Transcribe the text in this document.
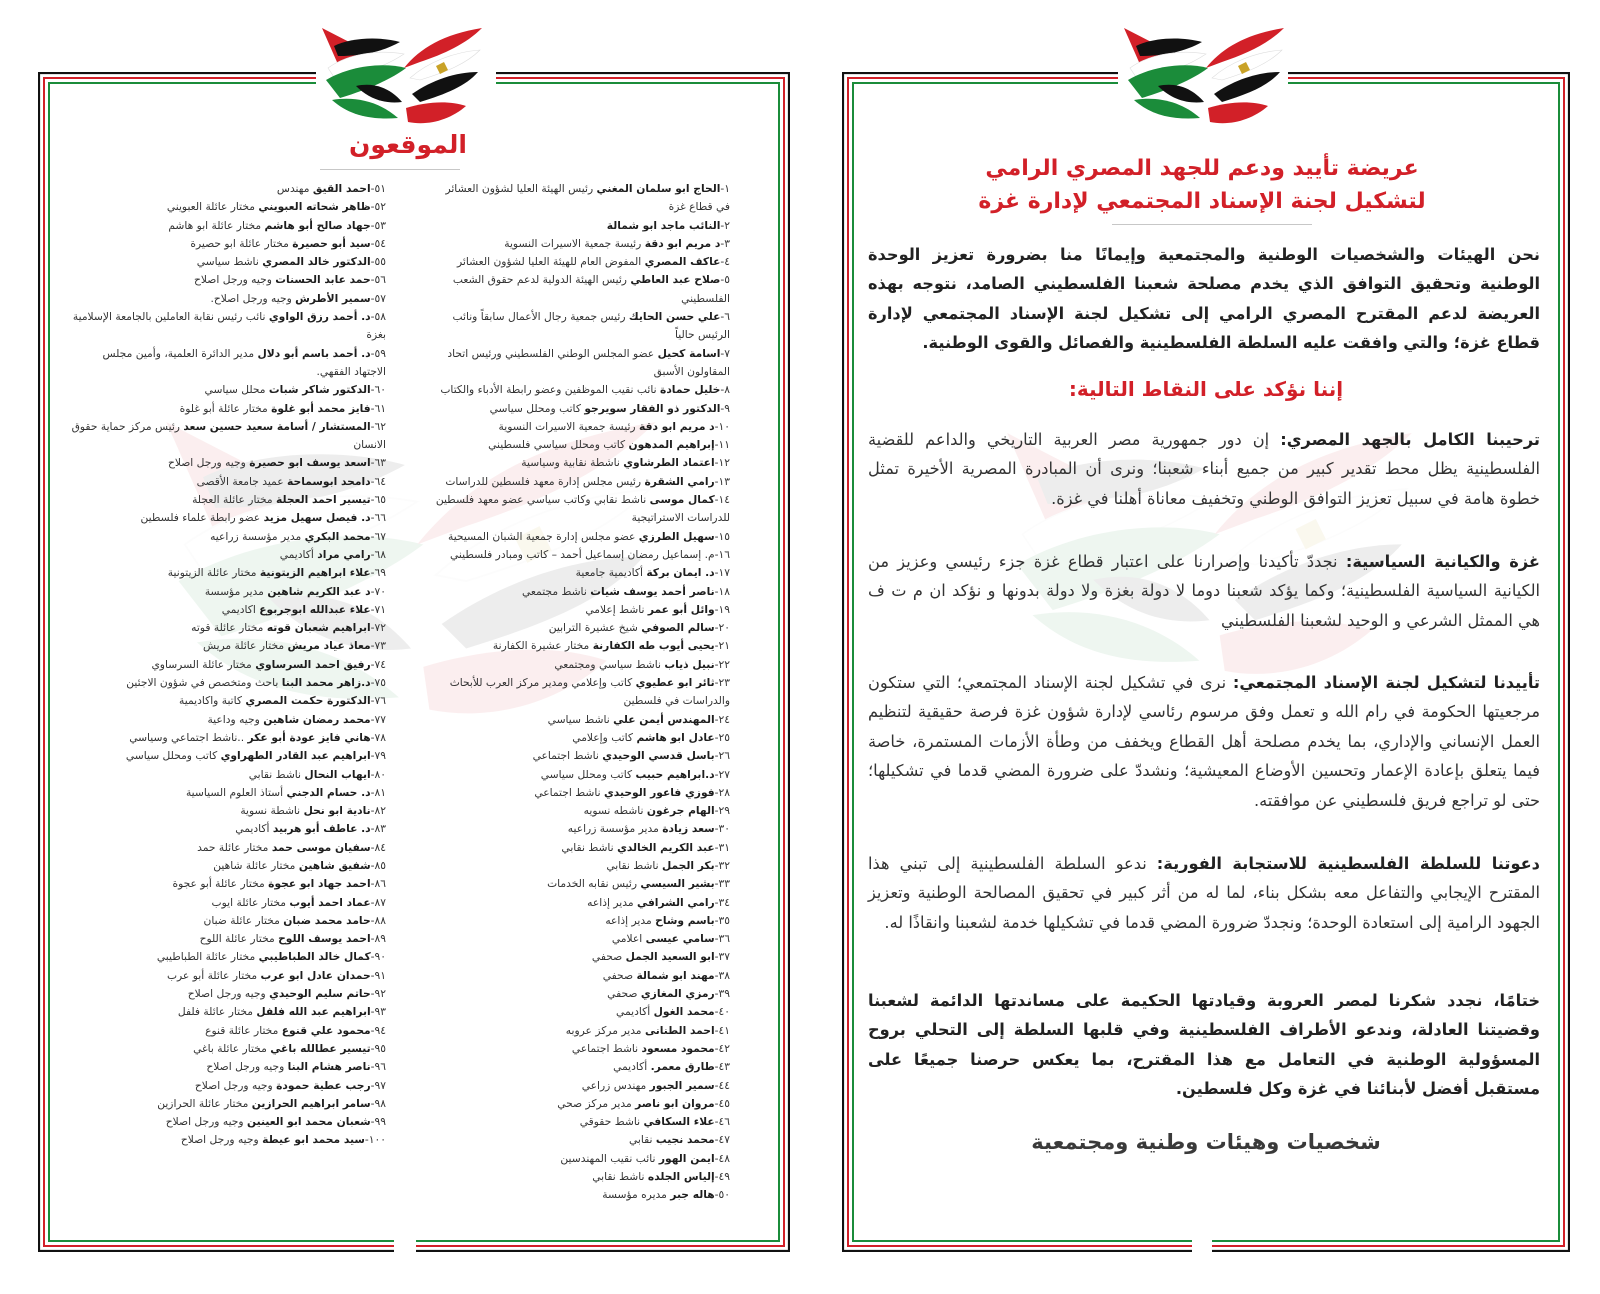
عريضة تأييد ودعم للجهد المصري الرامي
لتشكيل لجنة الإسناد المجتمعي لإدارة غزة

نحن الهيئات والشخصيات الوطنية والمجتمعية وإيمانًا منا بضرورة تعزيز الوحدة الوطنية وتحقيق التوافق الذي يخدم مصلحة شعبنا الفلسطيني الصامد، نتوجه بهذه العريضة لدعم المقترح المصري الرامي إلى تشكيل لجنة الإسناد المجتمعي لإدارة قطاع غزة؛ والتي وافقت عليه السلطة الفلسطينية والفصائل والقوى الوطنية.

إننا نؤكد على النقاط التالية:

ترحيبنا الكامل بالجهد المصري: إن دور جمهورية مصر العربية التاريخي والداعم للقضية الفلسطينية يظل محط تقدير كبير من جميع أبناء شعبنا؛ ونرى أن المبادرة المصرية الأخيرة تمثل خطوة هامة في سبيل تعزيز التوافق الوطني وتخفيف معاناة أهلنا في غزة.

غزة والكيانية السياسية: نجددّ تأكيدنا وإصرارنا على اعتبار قطاع غزة جزء رئيسي وعزيز من الكيانية السياسية الفلسطينية؛ وكما يؤكد شعبنا دوما لا دولة بغزة ولا دولة بدونها و نؤكد ان م ت ف هي الممثل الشرعي و الوحيد لشعبنا الفلسطيني

تأييدنا لتشكيل لجنة الإسناد المجتمعي: نرى في تشكيل لجنة الإسناد المجتمعي؛ التي ستكون مرجعيتها الحكومة في رام الله و تعمل وفق مرسوم رئاسي لإدارة شؤون غزة فرصة حقيقية لتنظيم العمل الإنساني والإداري، بما يخدم مصلحة أهل القطاع ويخفف من وطأة الأزمات المستمرة، خاصة فيما يتعلق بإعادة الإعمار وتحسين الأوضاع المعيشية؛ ونشددّ على ضرورة المضي قدما في تشكيلها؛ حتى لو تراجع فريق فلسطيني عن موافقته.

دعوتنا للسلطة الفلسطينية للاستجابة الفورية: ندعو السلطة الفلسطينية إلى تبني هذا المقترح الإيجابي والتفاعل معه بشكل بناء، لما له من أثر كبير في تحقيق المصالحة الوطنية وتعزيز الجهود الرامية إلى استعادة الوحدة؛ ونجددّ ضرورة المضي قدما في تشكيلها خدمة لشعبنا وانقاذًا له.

ختامًا، نجدد شكرنا لمصر العروبة وقيادتها الحكيمة على مساندتها الدائمة لشعبنا وقضيتنا العادلة، وندعو الأطراف الفلسطينية وفي قلبها السلطة إلى التحلي بروح المسؤولية الوطنية في التعامل مع هذا المقترح، بما يعكس حرصنا جميعًا على مستقبل أفضل لأبنائنا في غزة وكل فلسطين.

شخصيات وهيئات وطنية ومجتمعية
الموقعون
١-الحاج ابو سلمان المغني رئيس الهيئة العليا لشؤون العشائر في قطاع غزة
٢-النائب ماجد ابو شمالة
٣-د مريم ابو دقة رئيسة جمعية الاسيرات النسوية
٤-عاكف المصري المفوض العام للهيئة العليا لشؤون العشائر
٥-صلاح عبد العاطي رئيس الهيئة الدولية لدعم حقوق الشعب الفلسطيني
٦-علي حسن الحايك رئيس جمعية رجال الأعمال سابقاً ونائب الرئيس حالياً
٧-اسامة كحيل عضو المجلس الوطني الفلسطيني ورئيس اتحاد المقاولون الأسبق
٨-خليل حمادة نائب نقيب الموظفين وعضو رابطة الأدباء والكتاب
٩-الدكتور ذو الفقار سويرجو كاتب ومحلل سياسي
١٠-د مريم ابو دقة رئيسة جمعية الاسيرات النسوية
١١-إبراهيم المدهون كاتب ومحلل سياسي فلسطيني
١٢-اعتماد الطرشاوي ناشطة نقابية وسياسية
١٣-رامي الشقرة رئيس مجلس إدارة معهد فلسطين للدراسات
١٤-كمال موسى ناشط نقابي وكاتب سياسي عضو معهد فلسطين للدراسات الاستراتيجية
١٥-سهيل الطرزي عضو مجلس إدارة جمعية الشبان المسيحية ١٦-م. إسماعيل رمضان إسماعيل أحمد – كاتب ومبادر فلسطيني
١٧-د. ايمان بركة أكاديمية جامعية
١٨-ناصر أحمد يوسف شيات ناشط مجتمعي
١٩-وائل أبو عمر ناشط إعلامي
٢٠-سالم الصوفي شيخ عشيرة الترابين
٢١-يحيى أيوب طه الكفارنة مختار عشيرة الكفارنة
٢٢-نبيل ذياب ناشط سياسي ومجتمعي
٢٣-ثائر ابو عطيوي كاتب وإعلامي ومدير مركز العرب للأبحاث والدراسات في فلسطين
٢٤-المهندس أيمن علي ناشط سياسي
٢٥-عادل ابو هاشم كاتب وإعلامي
٢٦-باسل قدسي الوحيدي ناشط اجتماعي
٢٧-د.ابراهيم حبيب كاتب ومحلل سياسي
٢٨-فوزي فاعور الوحيدي ناشط اجتماعي
٢٩-الهام جرغون ناشطه نسويه
٣٠-سعد زيادة مدير مؤسسة زراعيه
٣١-عبد الكريم الخالدي ناشط نقابي
٣٢-بكر الجمل ناشط نقابي
٣٣-بشير السيسي رئيس نقابه الخدمات
٣٤-رامي الشرافي مدير إذاعه
٣٥-باسم وشاح مدير إذاعه
٣٦-سامي عيسى اعلامي
٣٧-ابو السعيد الجمل صحفي
٣٨-مهند ابو شمالة صحفي
٣٩-رمزي المغازي صحفي
٤٠-محمد الغول أكاديمي
٤١-احمد الطنانى مدير مركز عروبه
٤٢-محمود مسعود ناشط اجتماعي
٤٣-طارق معمر. أكاديمي
٤٤-سمير الجبور مهندس زراعي
٤٥-مروان ابو ناصر مدير مركز صحي
٤٦-علاء السكافي ناشط حقوقي
٤٧-محمد نجيب نقابي
٤٨-ايمن الهور نائب نقيب المهندسين
٤٩-إلياس الجلده ناشط نقابي
٥٠-هاله جبر مديره مؤسسة
٥١-احمد القيق مهندس
٥٢-ظاهر شحاته العبويني مختار عائلة العبويني
٥٣-جهاد صالح أبو هاشم مختار عائلة ابو هاشم
٥٤-سيد أبو حصيرة مختار عائلة ابو حصيرة
٥٥-الدكتور خالد المصري ناشط سياسي
٥٦-حمد عابد الحسنات وجيه ورجل اصلاح
٥٧-سمير الأطرش وجيه ورجل اصلاح.
٥٨-د. أحمد رزق الواوي نائب رئيس نقابة العاملين بالجامعة الإسلامية بغزة
٥٩-د. أحمد باسم أبو دلال مدير الدائرة العلمية، وأمين مجلس الاجتهاد الفقهي.
٦٠-الدكتور شاكر شبات محلل سياسي
٦١-فايز محمد أبو غلوة مختار عائلة أبو غلوة
٦٢-المستشار / أسامة سعيد حسين سعد رئيس مركز حماية حقوق الانسان
٦٣-اسعد يوسف ابو حصيرة وجيه ورجل اصلاح
٦٤-دامحد ابوسماحة عميد جامعة الأقصى
٦٥-تيسير احمد العجلة مختار عائلة العجلة
٦٦-د. فيصل سهيل مزيد عضو رابطة علماء فلسطين
٦٧-محمد البكري مدير مؤسسة زراعيه
٦٨-رامي مراد أكاديمي
٦٩-علاء ابراهيم الزيتونية مختار عائلة الزيتونية
٧٠-د عبد الكريم شاهين مدير مؤسسة
٧١-علاء عبدالله ابوجربوع اكاديمي
٧٢-ابراهيم شعبان قوته مختار عائلة قوته
٧٣-معاذ عياد مريش مختار عائلة مريش
٧٤-رفيق احمد السرساوي مختار عائلة السرساوي
٧٥-د.زاهر محمد البنا باحث ومتخصص في شؤون الاجئين
٧٦-الدكتورة حكمت المصري كاتبة واكاديمية
٧٧-محمد رمضان شاهين وجيه وداعية
٧٨-هاني فايز عودة أبو عكر ..ناشط اجتماعي وسياسي
٧٩-ابراهيم عبد القادر الطهراوي كاتب ومحلل سياسي
٨٠-ايهاب النحال ناشط نقابي
٨١-د. حسام الدجني أستاذ العلوم السياسية
٨٢-نادية ابو نحل ناشطة نسوية
٨٣-د. عاطف أبو هربيد أكاديمي
٨٤-سفيان موسى حمد مختار عائلة حمد
٨٥-شفيق شاهين مختار عائلة شاهين
٨٦-احمد جهاد ابو عجوة مختار عائلة أبو عجوة
٨٧-عماد احمد أيوب مختار عائلة ايوب
٨٨-حامد محمد ضبان مختار عائلة ضبان
٨٩-احمد يوسف اللوح مختار عائلة اللوح
٩٠-كمال خالد الطباطيبي مختار عائلة الطباطيبي
٩١-حمدان عادل ابو عرب مختار عائلة أبو عرب
٩٢-حاتم سليم الوحيدي وجيه ورجل اصلاح
٩٣-ابراهيم عبد الله فلفل مختار عائلة فلفل
٩٤-محمود علي قنوع مختار عائلة قنوع
٩٥-تيسير عطالله باغي مختار عائلة باغي
٩٦-ناصر هشام البنا وجيه ورجل اصلاح
٩٧-رجب عطية حمودة وجيه ورجل اصلاح
٩٨-سامر ابراهيم الحرازين مختار عائلة الحرازين
٩٩-شعبان محمد ابو العينين وجيه ورجل اصلاح
١٠٠-سيد محمد ابو عيطة وجيه ورجل اصلاح
